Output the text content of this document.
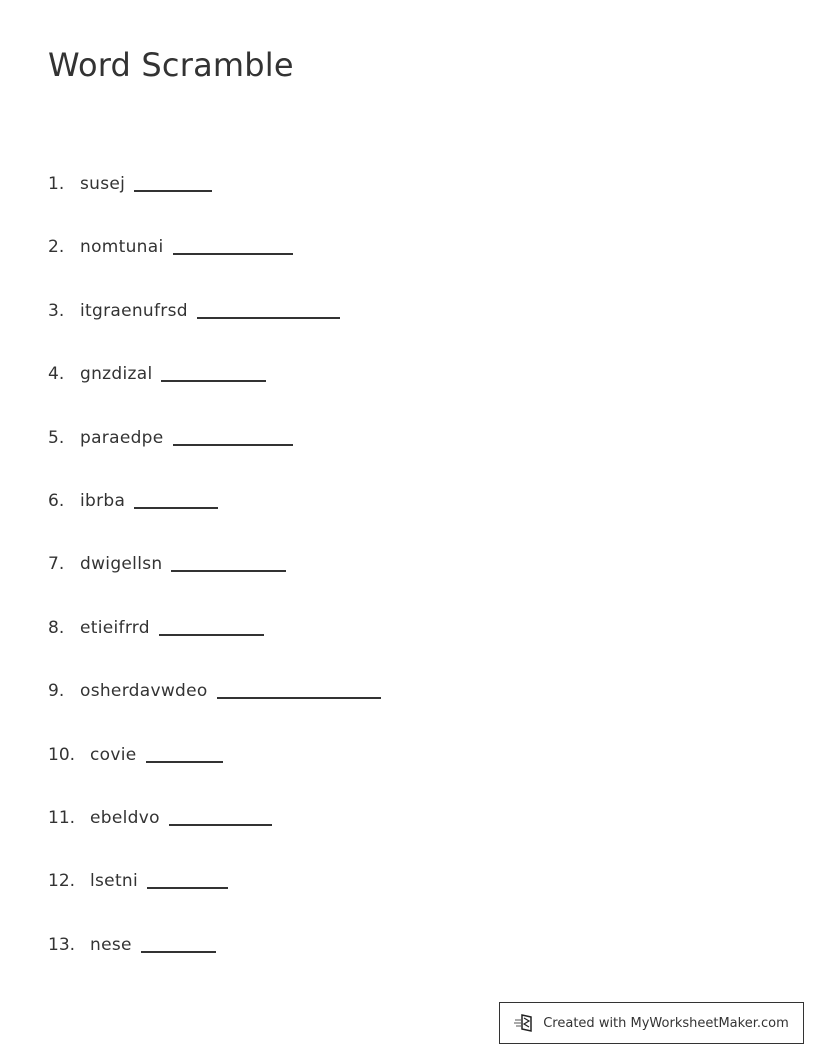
Word Scramble
1. susej
2. nomtunai
3. itgraenufrsd
4. gnzdizal
5. paraedpe
6. ibrba
7. dwigellsn
8. etieifrrd
9. osherdavwdeo
10. covie
11. ebeldvo
12. lsetni
13. nese
Created with MyWorksheetMaker.com
